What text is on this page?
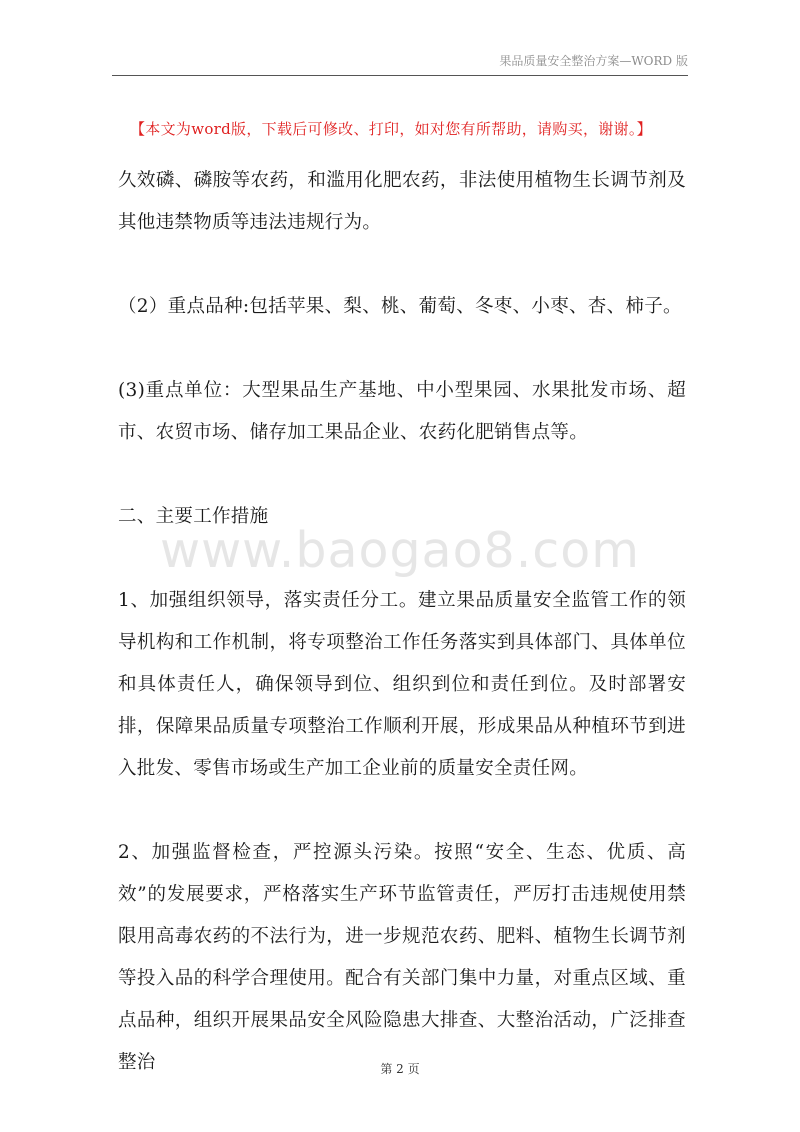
果品质量安全整治方案—WORD 版
【本文为word版，下载后可修改、打印，如对您有所帮助，请购买，谢谢。】
www.baogao8.com

久效磷、磷胺等农药，和滥用化肥农药，非法使用植物生长调节剂及其他违禁物质等违法违规行为。

（2）重点品种:包括苹果、梨、桃、葡萄、冬枣、小枣、杏、柿子。

(3)重点单位：大型果品生产基地、中小型果园、水果批发市场、超市、农贸市场、储存加工果品企业、农药化肥销售点等。

二、主要工作措施

1、加强组织领导，落实责任分工。建立果品质量安全监管工作的领导机构和工作机制，将专项整治工作任务落实到具体部门、具体单位和具体责任人，确保领导到位、组织到位和责任到位。及时部署安排，保障果品质量专项整治工作顺利开展，形成果品从种植环节到进入批发、零售市场或生产加工企业前的质量安全责任网。

2、加强监督检查，严控源头污染。按照“安全、生态、优质、高效”的发展要求，严格落实生产环节监管责任，严厉打击违规使用禁限用高毒农药的不法行为，进一步规范农药、肥料、植物生长调节剂等投入品的科学合理使用。配合有关部门集中力量，对重点区域、重点品种，组织开展果品安全风险隐患大排查、大整治活动，广泛排查整治	第 2 页
